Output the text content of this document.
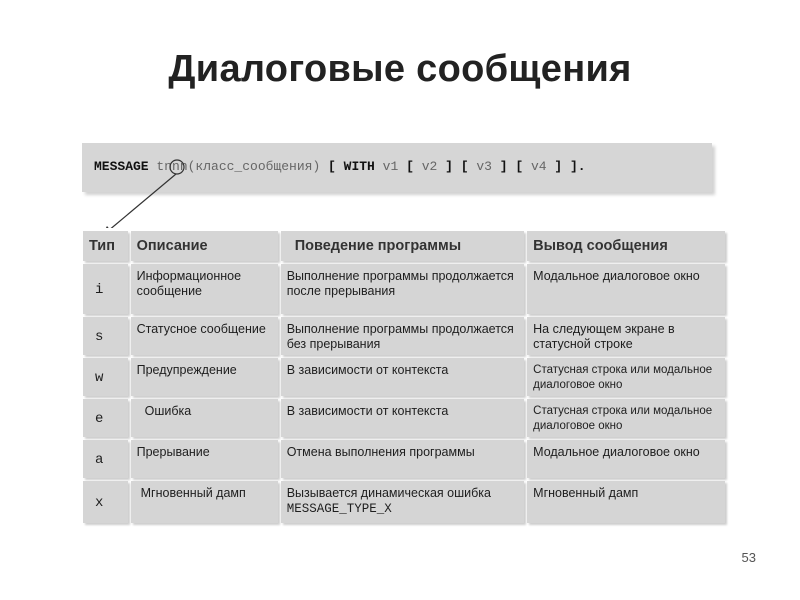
Диалоговые сообщения
MESSAGE tnnn(класс_сообщения) [ WITH v1 [ v2 ] [ v3 ] [ v4 ] ].
Тип	Описание	Поведение программы	Вывод сообщения
i	Информационное сообщение	Выполнение программы продолжается после прерывания	Модальное диалоговое окно
s	Статусное сообщение	Выполнение программы продолжается без прерывания	На следующем экране в статусной строке
w	Предупреждение	В зависимости от контекста	Статусная строка или модальное диалоговое окно
e	Ошибка	В зависимости от контекста	Статусная строка или модальное диалоговое окно
a	Прерывание	Отмена выполнения программы	Модальное диалоговое окно
x	Мгновенный дамп	Вызывается динамическая ошибка MESSAGE_TYPE_X	Мгновенный дамп
53
